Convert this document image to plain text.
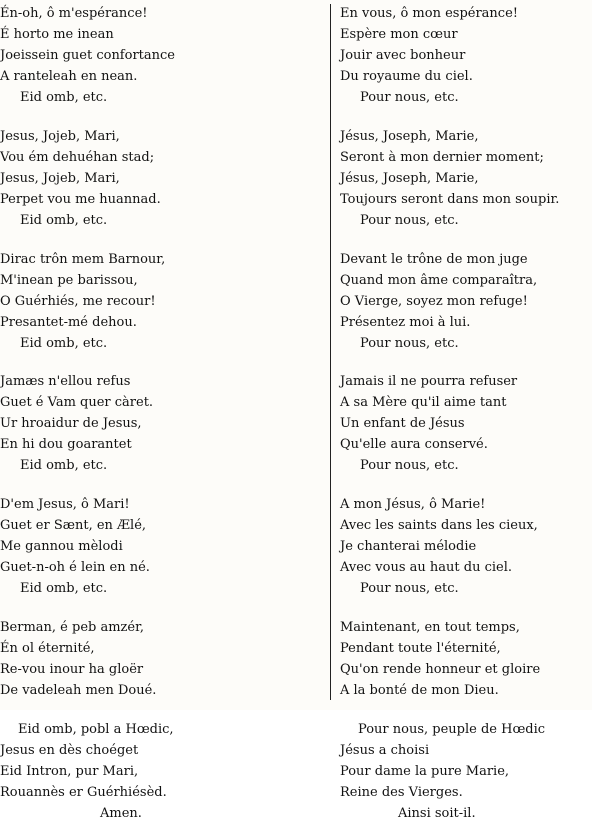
Én-oh, ô m'espérance!
É horto me inean
Joeissein guet confortance
A ranteleah en nean.
Eid omb, etc.
Jesus, Jojeb, Mari,
Vou ém dehuéhan stad;
Jesus, Jojeb, Mari,
Perpet vou me huannad.
Eid omb, etc.
Dirac trôn mem Barnour,
M'inean pe barissou,
O Guérhiés, me recour!
Presantet-mé dehou.
Eid omb, etc.
Jamæs n'ellou refus
Guet é Vam quer càret.
Ur hroaidur de Jesus,
En hi dou goarantet
Eid omb, etc.
D'em Jesus, ô Mari!
Guet er Sænt, en Ælé,
Me gannou mèlodi
Guet-n-oh é lein en né.
Eid omb, etc.
Berman, é peb amzér,
Én ol éternité,
Re-vou inour ha gloër
De vadeleah men Doué.
Eid omb, pobl a Hœdic,
Jesus en dès choéget
Eid Intron, pur Mari,
Rouannès er Guérhiésèd.
Amen.
En vous, ô mon espérance!
Espère mon cœur
Jouir avec bonheur
Du royaume du ciel.
Pour nous, etc.
Jésus, Joseph, Marie,
Seront à mon dernier moment;
Jésus, Joseph, Marie,
Toujours seront dans mon soupir.
Pour nous, etc.
Devant le trône de mon juge
Quand mon âme comparaîtra,
O Vierge, soyez mon refuge!
Présentez moi à lui.
Pour nous, etc.
Jamais il ne pourra refuser
A sa Mère qu'il aime tant
Un enfant de Jésus
Qu'elle aura conservé.
Pour nous, etc.
A mon Jésus, ô Marie!
Avec les saints dans les cieux,
Je chanterai mélodie
Avec vous au haut du ciel.
Pour nous, etc.
Maintenant, en tout temps,
Pendant toute l'éternité,
Qu'on rende honneur et gloire
A la bonté de mon Dieu.
Pour nous, peuple de Hœdic
Jésus a choisi
Pour dame la pure Marie,
Reine des Vierges.
Ainsi soit-il.
